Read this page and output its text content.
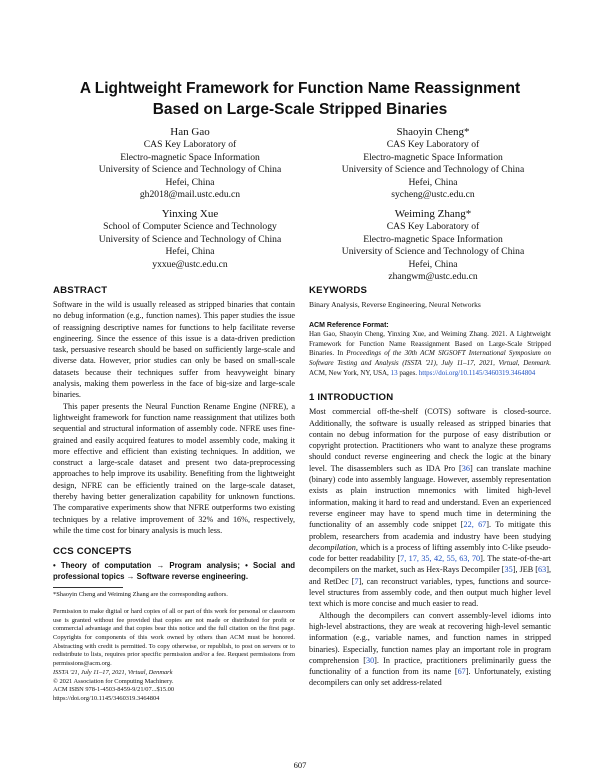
A Lightweight Framework for Function Name Reassignment
Based on Large-Scale Stripped Binaries
Han Gao
CAS Key Laboratory of
Electro-magnetic Space Information
University of Science and Technology of China
Hefei, China
gh2018@mail.ustc.edu.cn
Shaoyin Cheng*
CAS Key Laboratory of
Electro-magnetic Space Information
University of Science and Technology of China
Hefei, China
sycheng@ustc.edu.cn
Yinxing Xue
School of Computer Science and Technology
University of Science and Technology of China
Hefei, China
yxxue@ustc.edu.cn
Weiming Zhang*
CAS Key Laboratory of
Electro-magnetic Space Information
University of Science and Technology of China
Hefei, China
zhangwm@ustc.edu.cn
ABSTRACT

Software in the wild is usually released as stripped binaries that contain no debug information (e.g., function names). This paper studies the issue of reassigning descriptive names for functions to help facilitate reverse engineering. Since the essence of this issue is a data-driven prediction task, persuasive research should be based on sufficiently large-scale and diverse data. However, prior studies can only be based on small-scale datasets because their techniques suffer from heavyweight binary analysis, making them powerless in the face of big-size and large-scale binaries.

This paper presents the Neural Function Rename Engine (NFRE), a lightweight framework for function name reassignment that utilizes both sequential and structural information of assembly code. NFRE uses fine-grained and easily acquired features to model assembly code, making it more effective and efficient than existing techniques. In addition, we construct a large-scale dataset and present two data-preprocessing approaches to help improve its usability. Benefiting from the lightweight design, NFRE can be efficiently trained on the large-scale dataset, thereby having better generalization capability for unknown functions. The comparative experiments show that NFRE outperforms two existing techniques by a relative improvement of 32% and 16%, respectively, while the time cost for binary analysis is much less.

CCS CONCEPTS
• Theory of computation → Program analysis; • Social and professional topics → Software reverse engineering.
*Shaoyin Cheng and Weiming Zhang are the corresponding authors.
Permission to make digital or hard copies of all or part of this work for personal or classroom use is granted without fee provided that copies are not made or distributed for profit or commercial advantage and that copies bear this notice and the full citation on the first page. Copyrights for components of this work owned by others than ACM must be honored. Abstracting with credit is permitted. To copy otherwise, or republish, to post on servers or to redistribute to lists, requires prior specific permission and/or a fee. Request permissions from permissions@acm.org.
ISSTA '21, July 11–17, 2021, Virtual, Denmark
© 2021 Association for Computing Machinery.
ACM ISBN 978-1-4503-8459-9/21/07...$15.00
https://doi.org/10.1145/3460319.3464804
KEYWORDS
Binary Analysis, Reverse Engineering, Neural Networks
ACM Reference Format:
Han Gao, Shaoyin Cheng, Yinxing Xue, and Weiming Zhang. 2021. A Lightweight Framework for Function Name Reassignment Based on Large-Scale Stripped Binaries. In Proceedings of the 30th ACM SIGSOFT International Symposium on Software Testing and Analysis (ISSTA '21), July 11–17, 2021, Virtual, Denmark. ACM, New York, NY, USA, 13 pages. https://doi.org/10.1145/3460319.3464804
1 INTRODUCTION

Most commercial off-the-shelf (COTS) software is closed-source. Additionally, the software is usually released as stripped binaries that contain no debug information for the purpose of easy distribution or copyright protection. Practitioners who want to analyze these programs should conduct reverse engineering and check the logic at the binary level. The disassemblers such as IDA Pro [36] can translate machine (binary) code into assembly language. However, assembly representation exists as plain instruction mnemonics with limited high-level information, making it hard to read and understand. Even an experienced reverse engineer may have to spend much time in determining the functionality of an assembly code snippet [22, 67]. To mitigate this problem, researchers from academia and industry have been studying decompilation, which is a process of lifting assembly into C-like pseudo-code for better readability [7, 17, 35, 42, 55, 63, 70]. The state-of-the-art decompilers on the market, such as Hex-Rays Decompiler [35], JEB [63], and RetDec [7], can reconstruct variables, types, functions and source-level structures from assembly code, and then output much higher level text which is more concise and much easier to read.

Although the decompilers can convert assembly-level idioms into high-level abstractions, they are weak at recovering high-level semantic information (e.g., variable names, and function names in stripped binaries). Especially, function names play an important role in program comprehension [30]. In practice, practitioners preliminarily guess the functionality of a function from its name [67]. Unfortunately, existing decompilers can only set address-related

607
